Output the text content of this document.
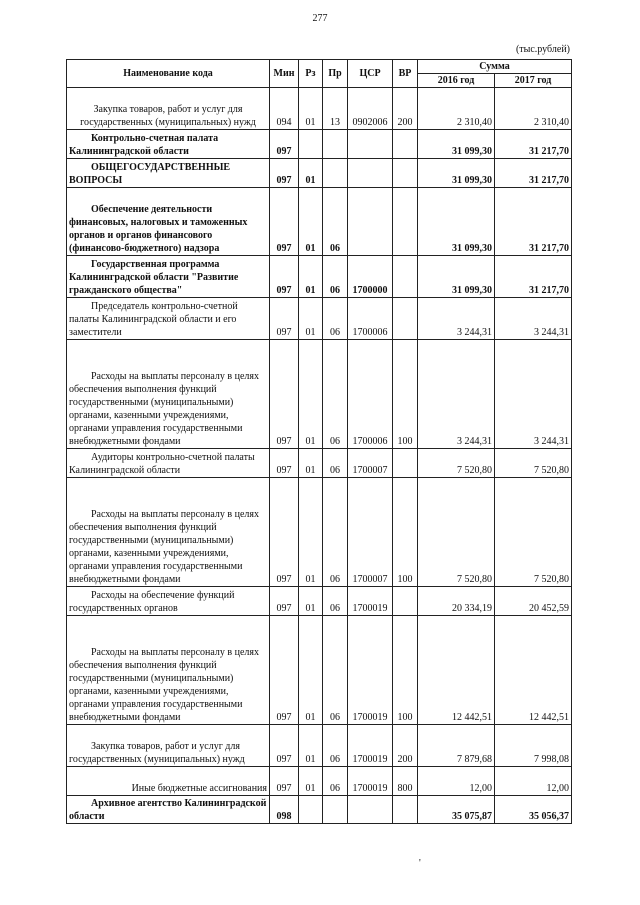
277
(тыс.рублей)
Наименование кода	Мин	Рз	Пр	ЦСР	ВР	Сумма	
						2016 год	2017 год
Закупка товаров, работ и услуг для государственных (муниципальных) нужд	094	01	13	0902006	200	2 310,40	2 310,40
Контрольно-счетная палата Калининградской области	097					31 099,30	31 217,70
ОБЩЕГОСУДАРСТВЕННЫЕ ВОПРОСЫ	097	01				31 099,30	31 217,70
Обеспечение деятельности финансовых, налоговых и таможенных органов и органов финансового (финансово-бюджетного) надзора	097	01	06			31 099,30	31 217,70
Государственная программа Калининградской области "Развитие гражданского общества"	097	01	06	1700000		31 099,30	31 217,70
Председатель контрольно-счетной палаты Калининградской области и его заместители	097	01	06	1700006		3 244,31	3 244,31
Расходы на выплаты персоналу в целях обеспечения выполнения функций государственными (муниципальными) органами, казенными учреждениями, органами управления государственными внебюджетными фондами	097	01	06	1700006	100	3 244,31	3 244,31
Аудиторы контрольно-счетной палаты Калининградской области	097	01	06	1700007		7 520,80	7 520,80
Расходы на выплаты персоналу в целях обеспечения выполнения функций государственными (муниципальными) органами, казенными учреждениями, органами управления государственными внебюджетными фондами	097	01	06	1700007	100	7 520,80	7 520,80
Расходы на обеспечение функций государственных органов	097	01	06	1700019		20 334,19	20 452,59
Расходы на выплаты персоналу в целях обеспечения выполнения функций государственными (муниципальными) органами, казенными учреждениями, органами управления государственными внебюджетными фондами	097	01	06	1700019	100	12 442,51	12 442,51
Закупка товаров, работ и услуг для государственных (муниципальных) нужд	097	01	06	1700019	200	7 879,68	7 998,08
Иные бюджетные ассигнования	097	01	06	1700019	800	12,00	12,00
Архивное агентство Калининградской области	098					35 075,87	35 056,37
'
